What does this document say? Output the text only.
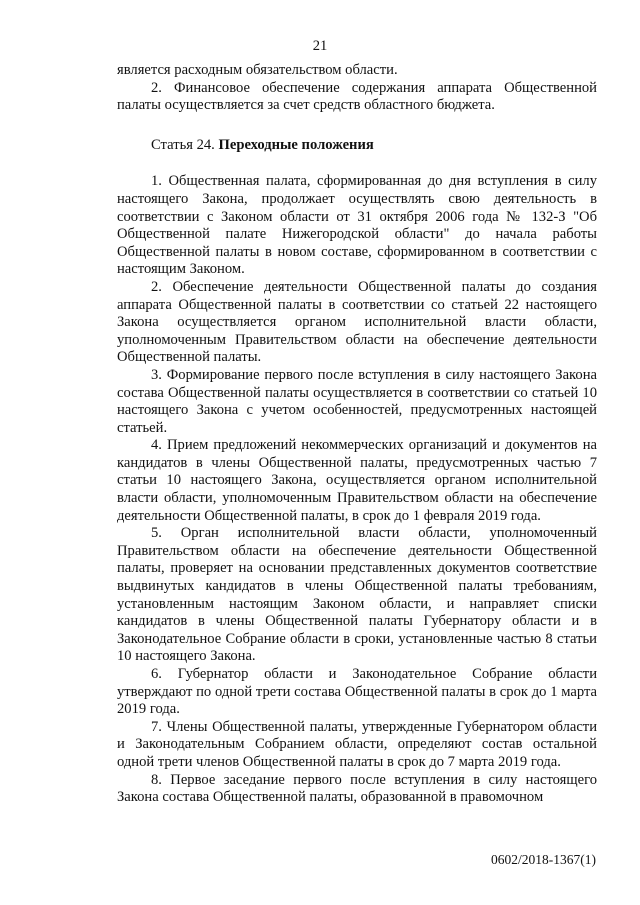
21

является расходным обязательством области.

2. Финансовое обеспечение содержания аппарата Общественной палаты осуществляется за счет средств областного бюджета.

Статья 24. Переходные положения

1. Общественная палата, сформированная до дня вступления в силу настоящего Закона, продолжает осуществлять свою деятельность в соответствии с Законом области от 31 октября 2006 года № 132-З "Об Общественной палате Нижегородской области" до начала работы Общественной палаты в новом составе, сформированном в соответствии с настоящим Законом.

2. Обеспечение деятельности Общественной палаты до создания аппарата Общественной палаты в соответствии со статьей 22 настоящего Закона осуществляется органом исполнительной власти области, уполномоченным Правительством области на обеспечение деятельности Общественной палаты.

3. Формирование первого после вступления в силу настоящего Закона состава Общественной палаты осуществляется в соответствии со статьей 10 настоящего Закона с учетом особенностей, предусмотренных настоящей статьей.

4. Прием предложений некоммерческих организаций и документов на кандидатов в члены Общественной палаты, предусмотренных частью 7 статьи 10 настоящего Закона, осуществляется органом исполнительной власти области, уполномоченным Правительством области на обеспечение деятельности Общественной палаты, в срок до 1 февраля 2019 года.

5. Орган исполнительной власти области, уполномоченный Правительством области на обеспечение деятельности Общественной палаты, проверяет на основании представленных документов соответствие выдвинутых кандидатов в члены Общественной палаты требованиям, установленным настоящим Законом области, и направляет списки кандидатов в члены Общественной палаты Губернатору области и в Законодательное Собрание области в сроки, установленные частью 8 статьи 10 настоящего Закона.

6. Губернатор области и Законодательное Собрание области утверждают по одной трети состава Общественной палаты в срок до 1 марта 2019 года.

7. Члены Общественной палаты, утвержденные Губернатором области и Законодательным Собранием области, определяют состав остальной одной трети членов Общественной палаты в срок до 7 марта 2019 года.

8. Первое заседание первого после вступления в силу настоящего Закона состава Общественной палаты, образованной в правомочном

0602/2018-1367(1)
